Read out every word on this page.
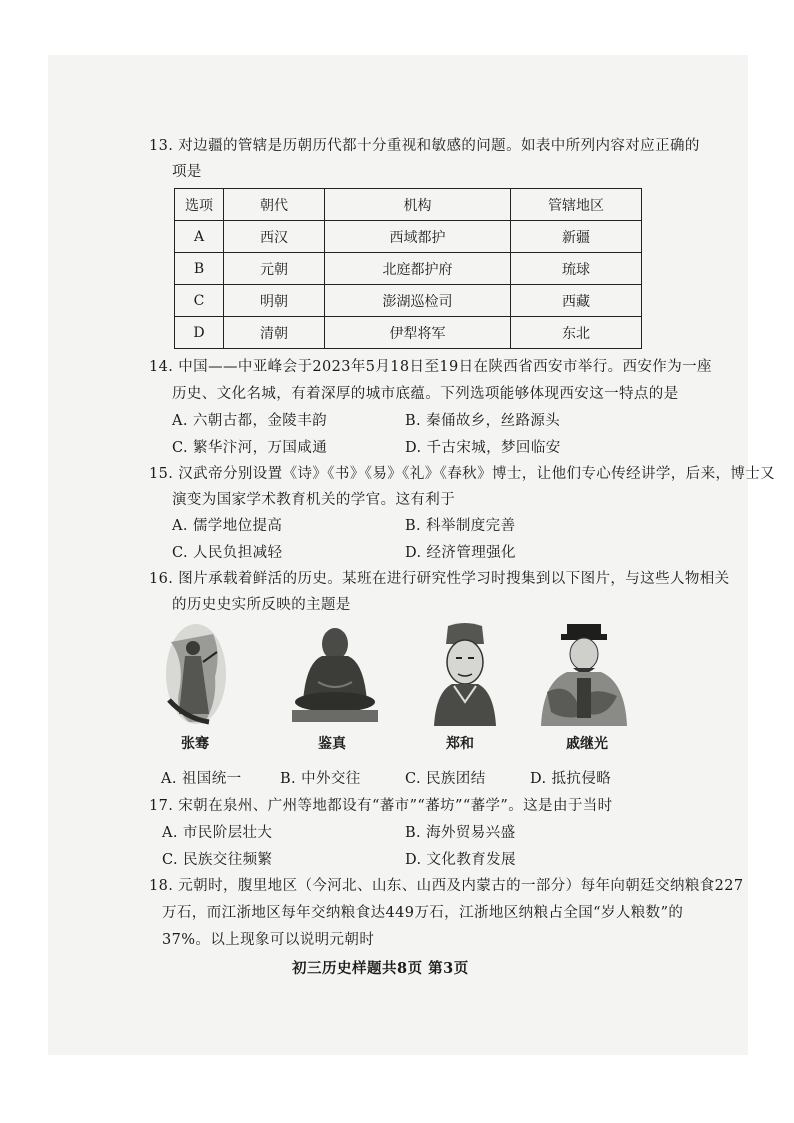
13. 对边疆的管辖是历朝历代都十分重视和敏感的问题。如表中所列内容对应正确的
项是
选项	朝代	机构	管辖地区
A	西汉	西域都护	新疆
B	元朝	北庭都护府	琉球
C	明朝	澎湖巡检司	西藏
D	清朝	伊犁将军	东北
14. 中国——中亚峰会于2023年5月18日至19日在陕西省西安市举行。西安作为一座
历史、文化名城，有着深厚的城市底蕴。下列选项能够体现西安这一特点的是
A. 六朝古都，金陵丰韵	B. 秦俑故乡，丝路源头
C. 繁华汴河，万国咸通	D. 千古宋城，梦回临安
15. 汉武帝分别设置《诗》《书》《易》《礼》《春秋》博士，让他们专心传经讲学，后来，博士又
演变为国家学术教育机关的学官。这有利于
A. 儒学地位提高	B. 科举制度完善
C. 人民负担减轻	D. 经济管理强化
16. 图片承载着鲜活的历史。某班在进行研究性学习时搜集到以下图片，与这些人物相关
的历史史实所反映的主题是
张骞	鉴真	郑和	戚继光
A. 祖国统一	B. 中外交往	C. 民族团结	D. 抵抗侵略
17. 宋朝在泉州、广州等地都设有“蕃市”“蕃坊”“蕃学”。这是由于当时
A. 市民阶层壮大	B. 海外贸易兴盛
C. 民族交往频繁	D. 文化教育发展
18. 元朝时，腹里地区（今河北、山东、山西及内蒙古的一部分）每年向朝廷交纳粮食227
万石，而江浙地区每年交纳粮食达449万石，江浙地区纳粮占全国“岁人粮数”的
37%。以上现象可以说明元朝时
初三历史样题共8页 第3页
